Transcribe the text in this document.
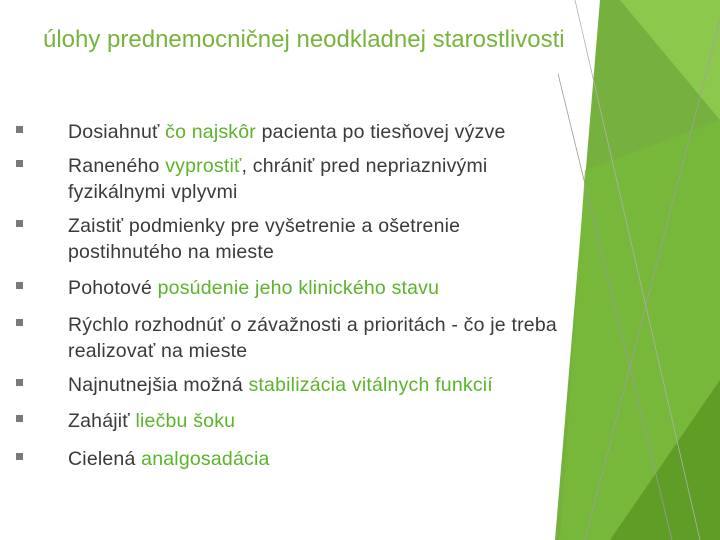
úlohy prednemocničnej neodkladnej starostlivosti
Dosiahnuť čo najskôr pacienta po tiesňovej výzve
Raneného vyprostiť, chrániť pred nepriaznivými
fyzikálnymi vplyvmi
Zaistiť podmienky pre vyšetrenie a ošetrenie
postihnutého na mieste
Pohotové posúdenie jeho klinického stavu
Rýchlo rozhodnúť o závažnosti a prioritách - čo je treba
realizovať na mieste
Najnutnejšia možná stabilizácia vitálnych funkcií
Zahájiť liečbu šoku
Cielená analgosadácia
